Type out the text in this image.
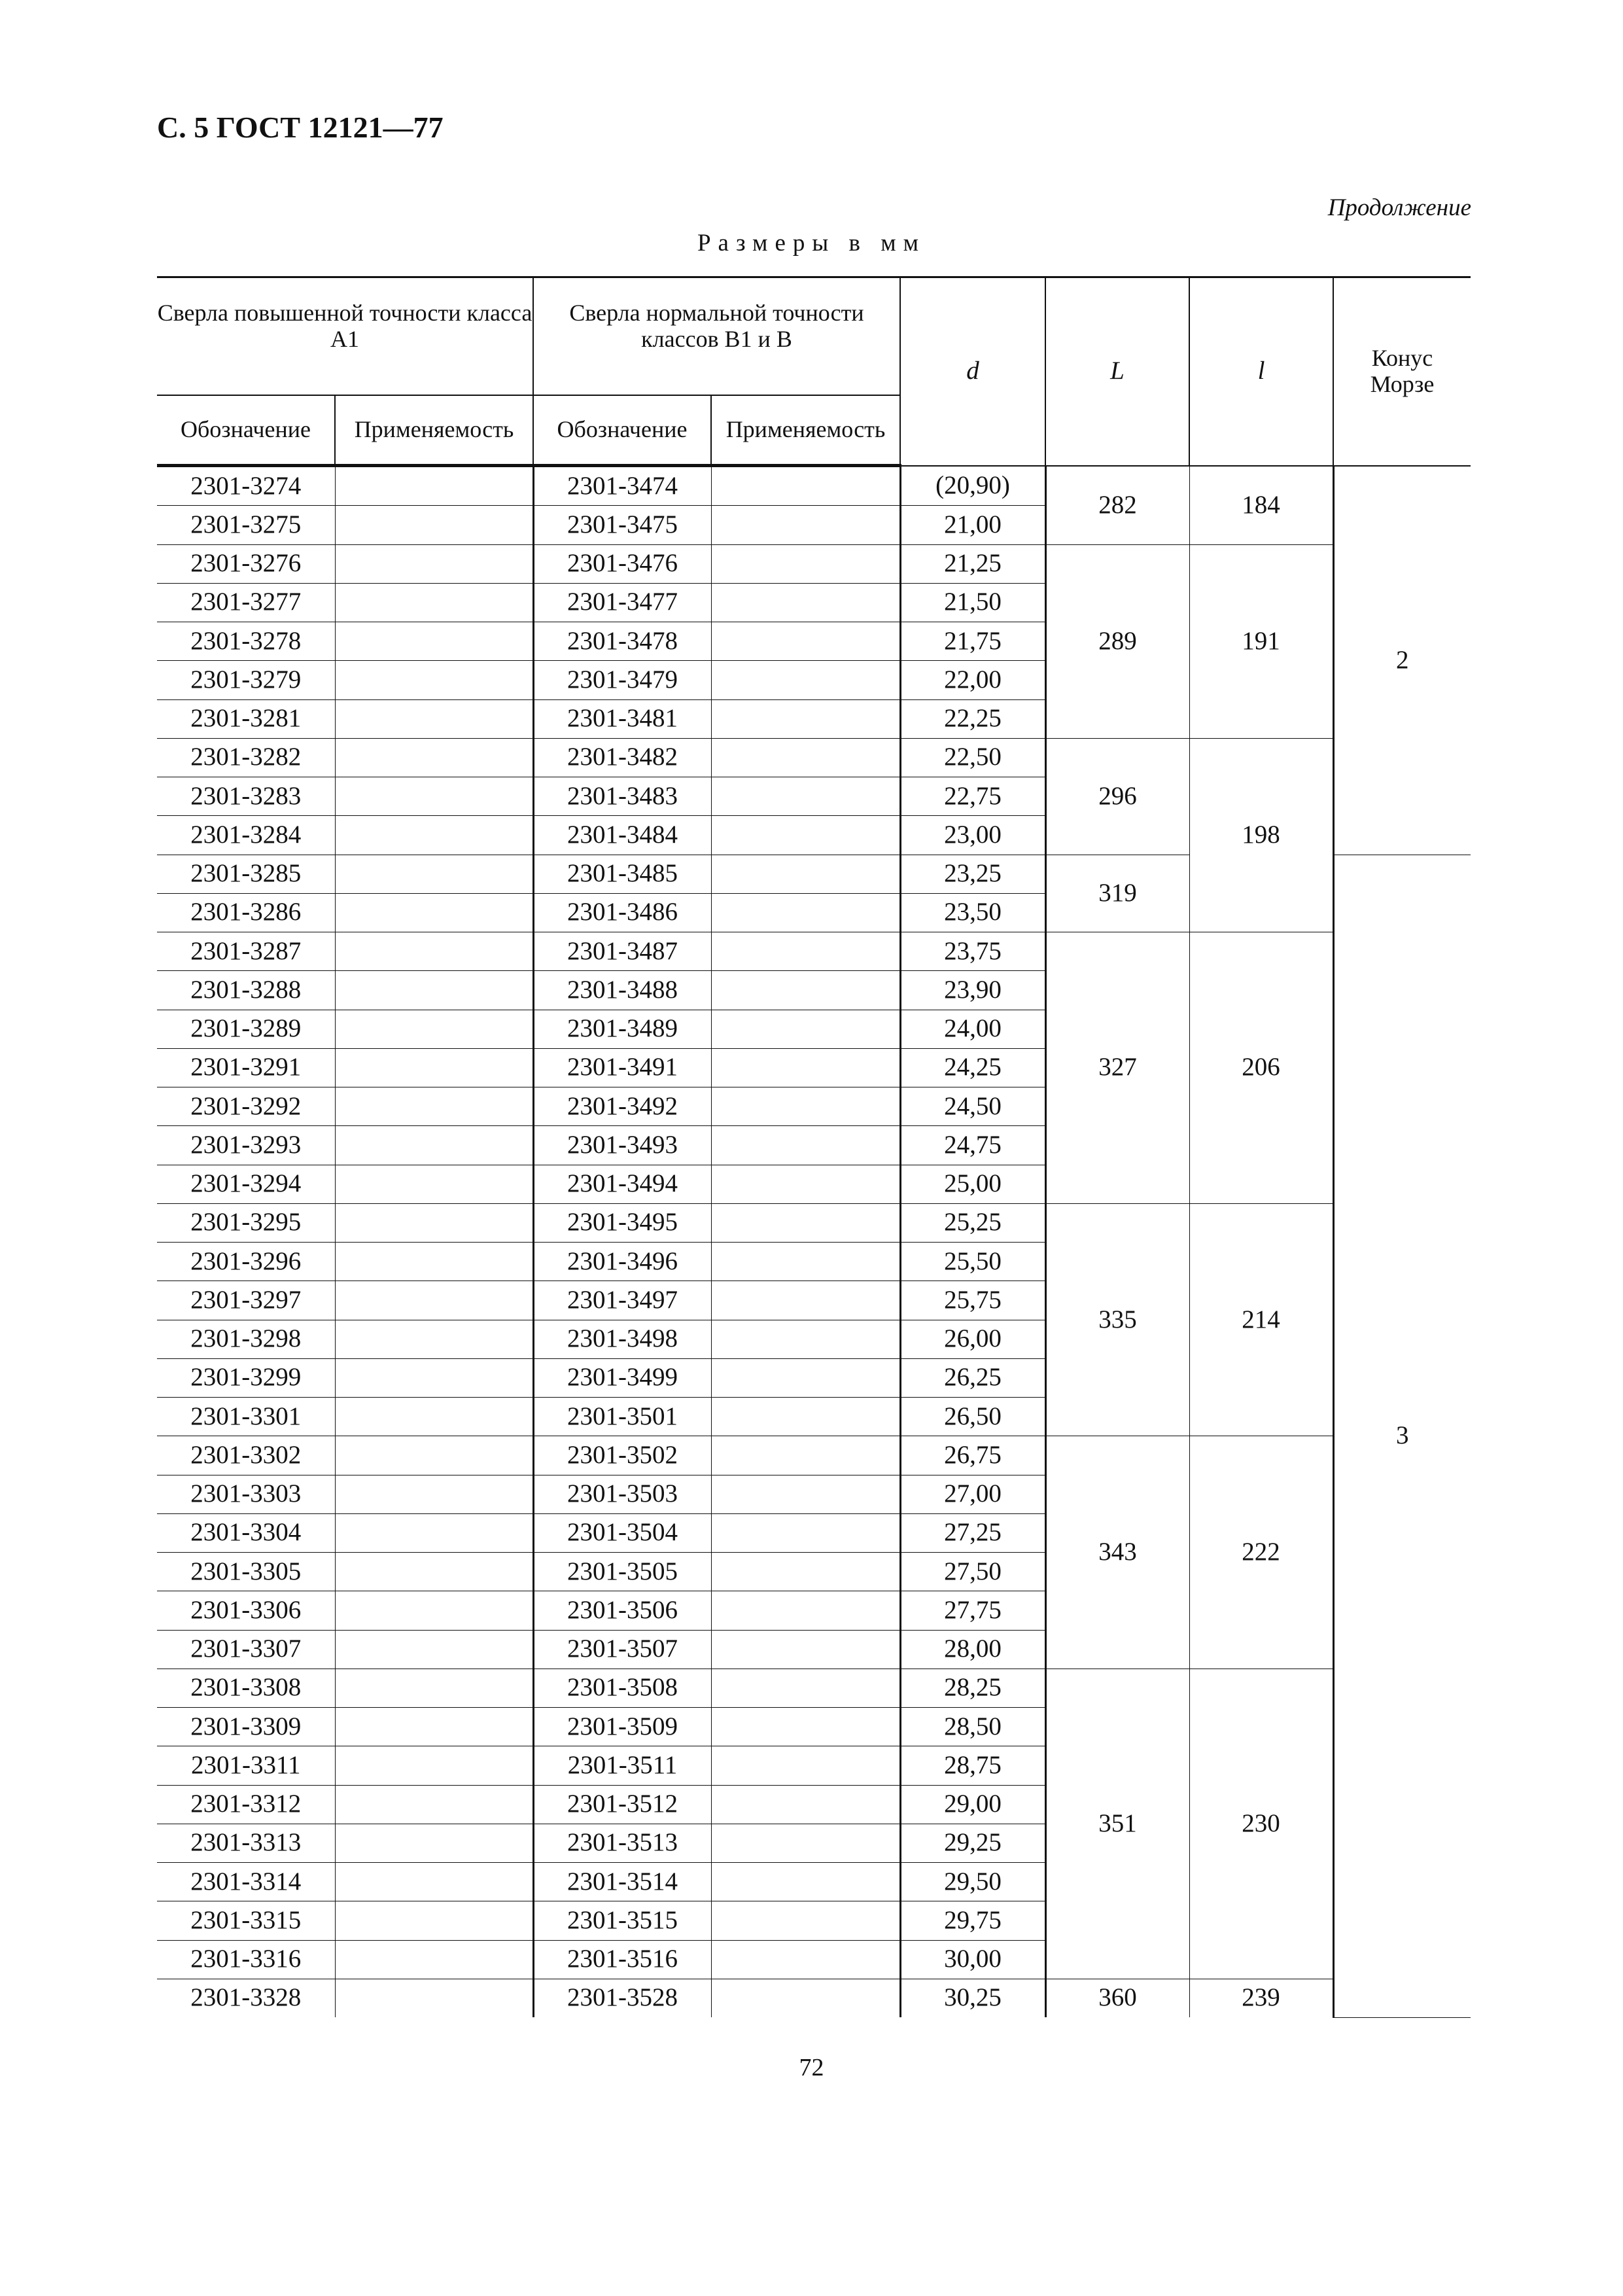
С. 5 ГОСТ 12121—77
Продолжение
Размеры в мм
Сверла повышенной точности класса А1		Сверла нормальной точности классов В1 и В		d	L	l	Конус Морзе
Обозначение	Применяемость	Обозначение	Применяемость				
2301-3274		2301-3474		(20,90)	282	184	2
2301-3275		2301-3475		21,00			
2301-3276		2301-3476		21,25	289	191	
2301-3277		2301-3477		21,50			
2301-3278		2301-3478		21,75			
2301-3279		2301-3479		22,00			
2301-3281		2301-3481		22,25			
2301-3282		2301-3482		22,50	296	198	
2301-3283		2301-3483		22,75			
2301-3284		2301-3484		23,00			
2301-3285		2301-3485		23,25	319		3
2301-3286		2301-3486		23,50			
2301-3287		2301-3487		23,75	327	206	
2301-3288		2301-3488		23,90			
2301-3289		2301-3489		24,00			
2301-3291		2301-3491		24,25			
2301-3292		2301-3492		24,50			
2301-3293		2301-3493		24,75			
2301-3294		2301-3494		25,00			
2301-3295		2301-3495		25,25	335	214	
2301-3296		2301-3496		25,50			
2301-3297		2301-3497		25,75			
2301-3298		2301-3498		26,00			
2301-3299		2301-3499		26,25			
2301-3301		2301-3501		26,50			
2301-3302		2301-3502		26,75	343	222	
2301-3303		2301-3503		27,00			
2301-3304		2301-3504		27,25			
2301-3305		2301-3505		27,50			
2301-3306		2301-3506		27,75			
2301-3307		2301-3507		28,00			
2301-3308		2301-3508		28,25	351	230	
2301-3309		2301-3509		28,50			
2301-3311		2301-3511		28,75			
2301-3312		2301-3512		29,00			
2301-3313		2301-3513		29,25			
2301-3314		2301-3514		29,50			
2301-3315		2301-3515		29,75			
2301-3316		2301-3516		30,00			
2301-3328		2301-3528		30,25	360	239	
72
